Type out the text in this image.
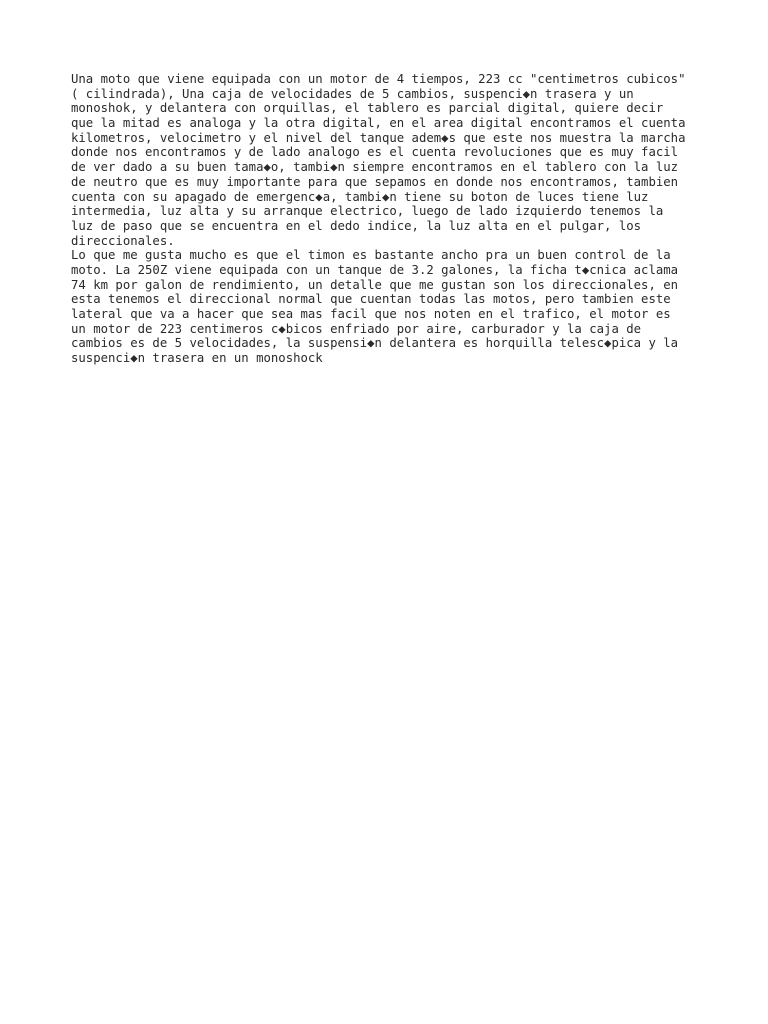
Una moto que viene equipada con un motor de 4 tiempos, 223 cc "centimetros cubicos"
( cilindrada), Una caja de velocidades de 5 cambios, suspenci◆n trasera y un
monoshok, y delantera con orquillas, el tablero es parcial digital, quiere decir
que la mitad es analoga y la otra digital, en el area digital encontramos el cuenta
kilometros, velocimetro y el nivel del tanque adem◆s que este nos muestra la marcha
donde nos encontramos y de lado analogo es el cuenta revoluciones que es muy facil
de ver dado a su buen tama◆o, tambi◆n siempre encontramos en el tablero con la luz
de neutro que es muy importante para que sepamos en donde nos encontramos, tambien
cuenta con su apagado de emergenc◆a, tambi◆n tiene su boton de luces tiene luz
intermedia, luz alta y su arranque electrico, luego de lado izquierdo tenemos la
luz de paso que se encuentra en el dedo indice, la luz alta en el pulgar, los
direccionales.
Lo que me gusta mucho es que el timon es bastante ancho pra un buen control de la
moto. La 250Z viene equipada con un tanque de 3.2 galones, la ficha t◆cnica aclama
74 km por galon de rendimiento, un detalle que me gustan son los direccionales, en
esta tenemos el direccional normal que cuentan todas las motos, pero tambien este
lateral que va a hacer que sea mas facil que nos noten en el trafico, el motor es
un motor de 223 centimeros c◆bicos enfriado por aire, carburador y la caja de
cambios es de 5 velocidades, la suspensi◆n delantera es horquilla telesc◆pica y la
suspenci◆n trasera en un monoshock
